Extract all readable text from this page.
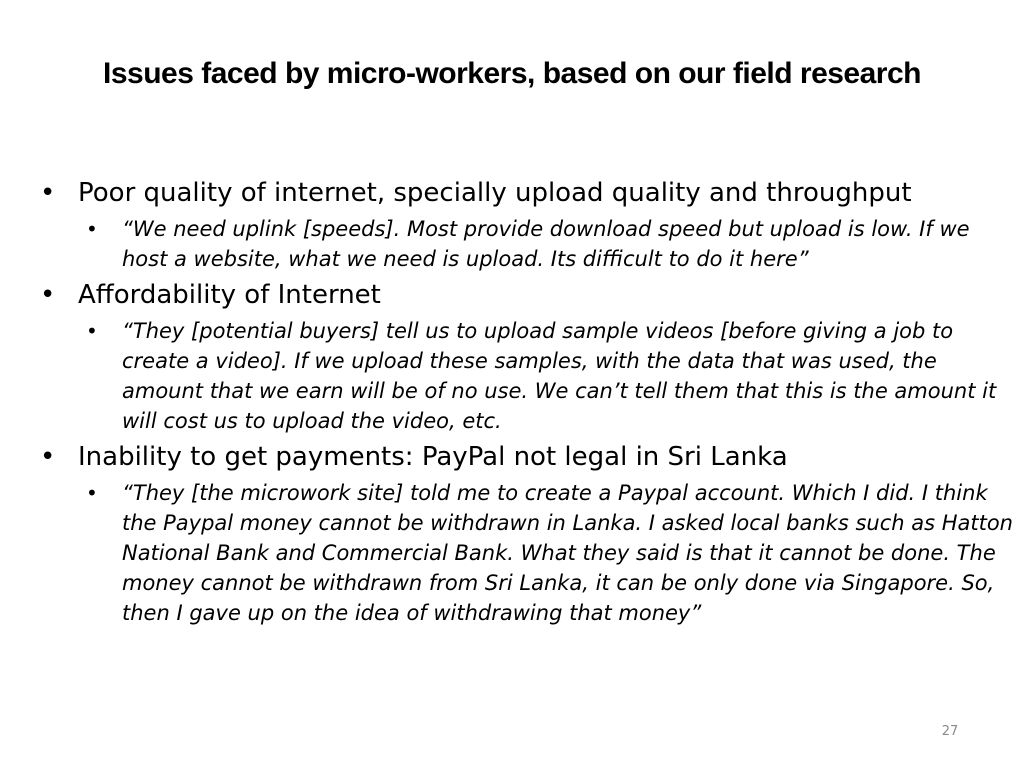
Issues faced by micro-workers, based on our field research
• Poor quality of internet, specially upload quality and throughput
•	“We need uplink [speeds]. Most provide download speed but upload is low. If we host a website, what we need is upload. Its difficult to do it here”
• Affordability of Internet
•	“They [potential buyers] tell us to upload sample videos [before giving a job to create a video]. If we upload these samples, with the data that was used, the amount that we earn will be of no use. We can’t tell them that this is the amount it will cost us to upload the video, etc.
• Inability to get payments: PayPal not legal in Sri Lanka
•	“They [the microwork site] told me to create a Paypal account. Which I did. I think the Paypal money cannot be withdrawn in Lanka. I asked local banks such as Hatton National Bank and Commercial Bank. What they said is that it cannot be done. The money cannot be withdrawn from Sri Lanka, it can be only done via Singapore. So, then I gave up on the idea of withdrawing that money”
27
